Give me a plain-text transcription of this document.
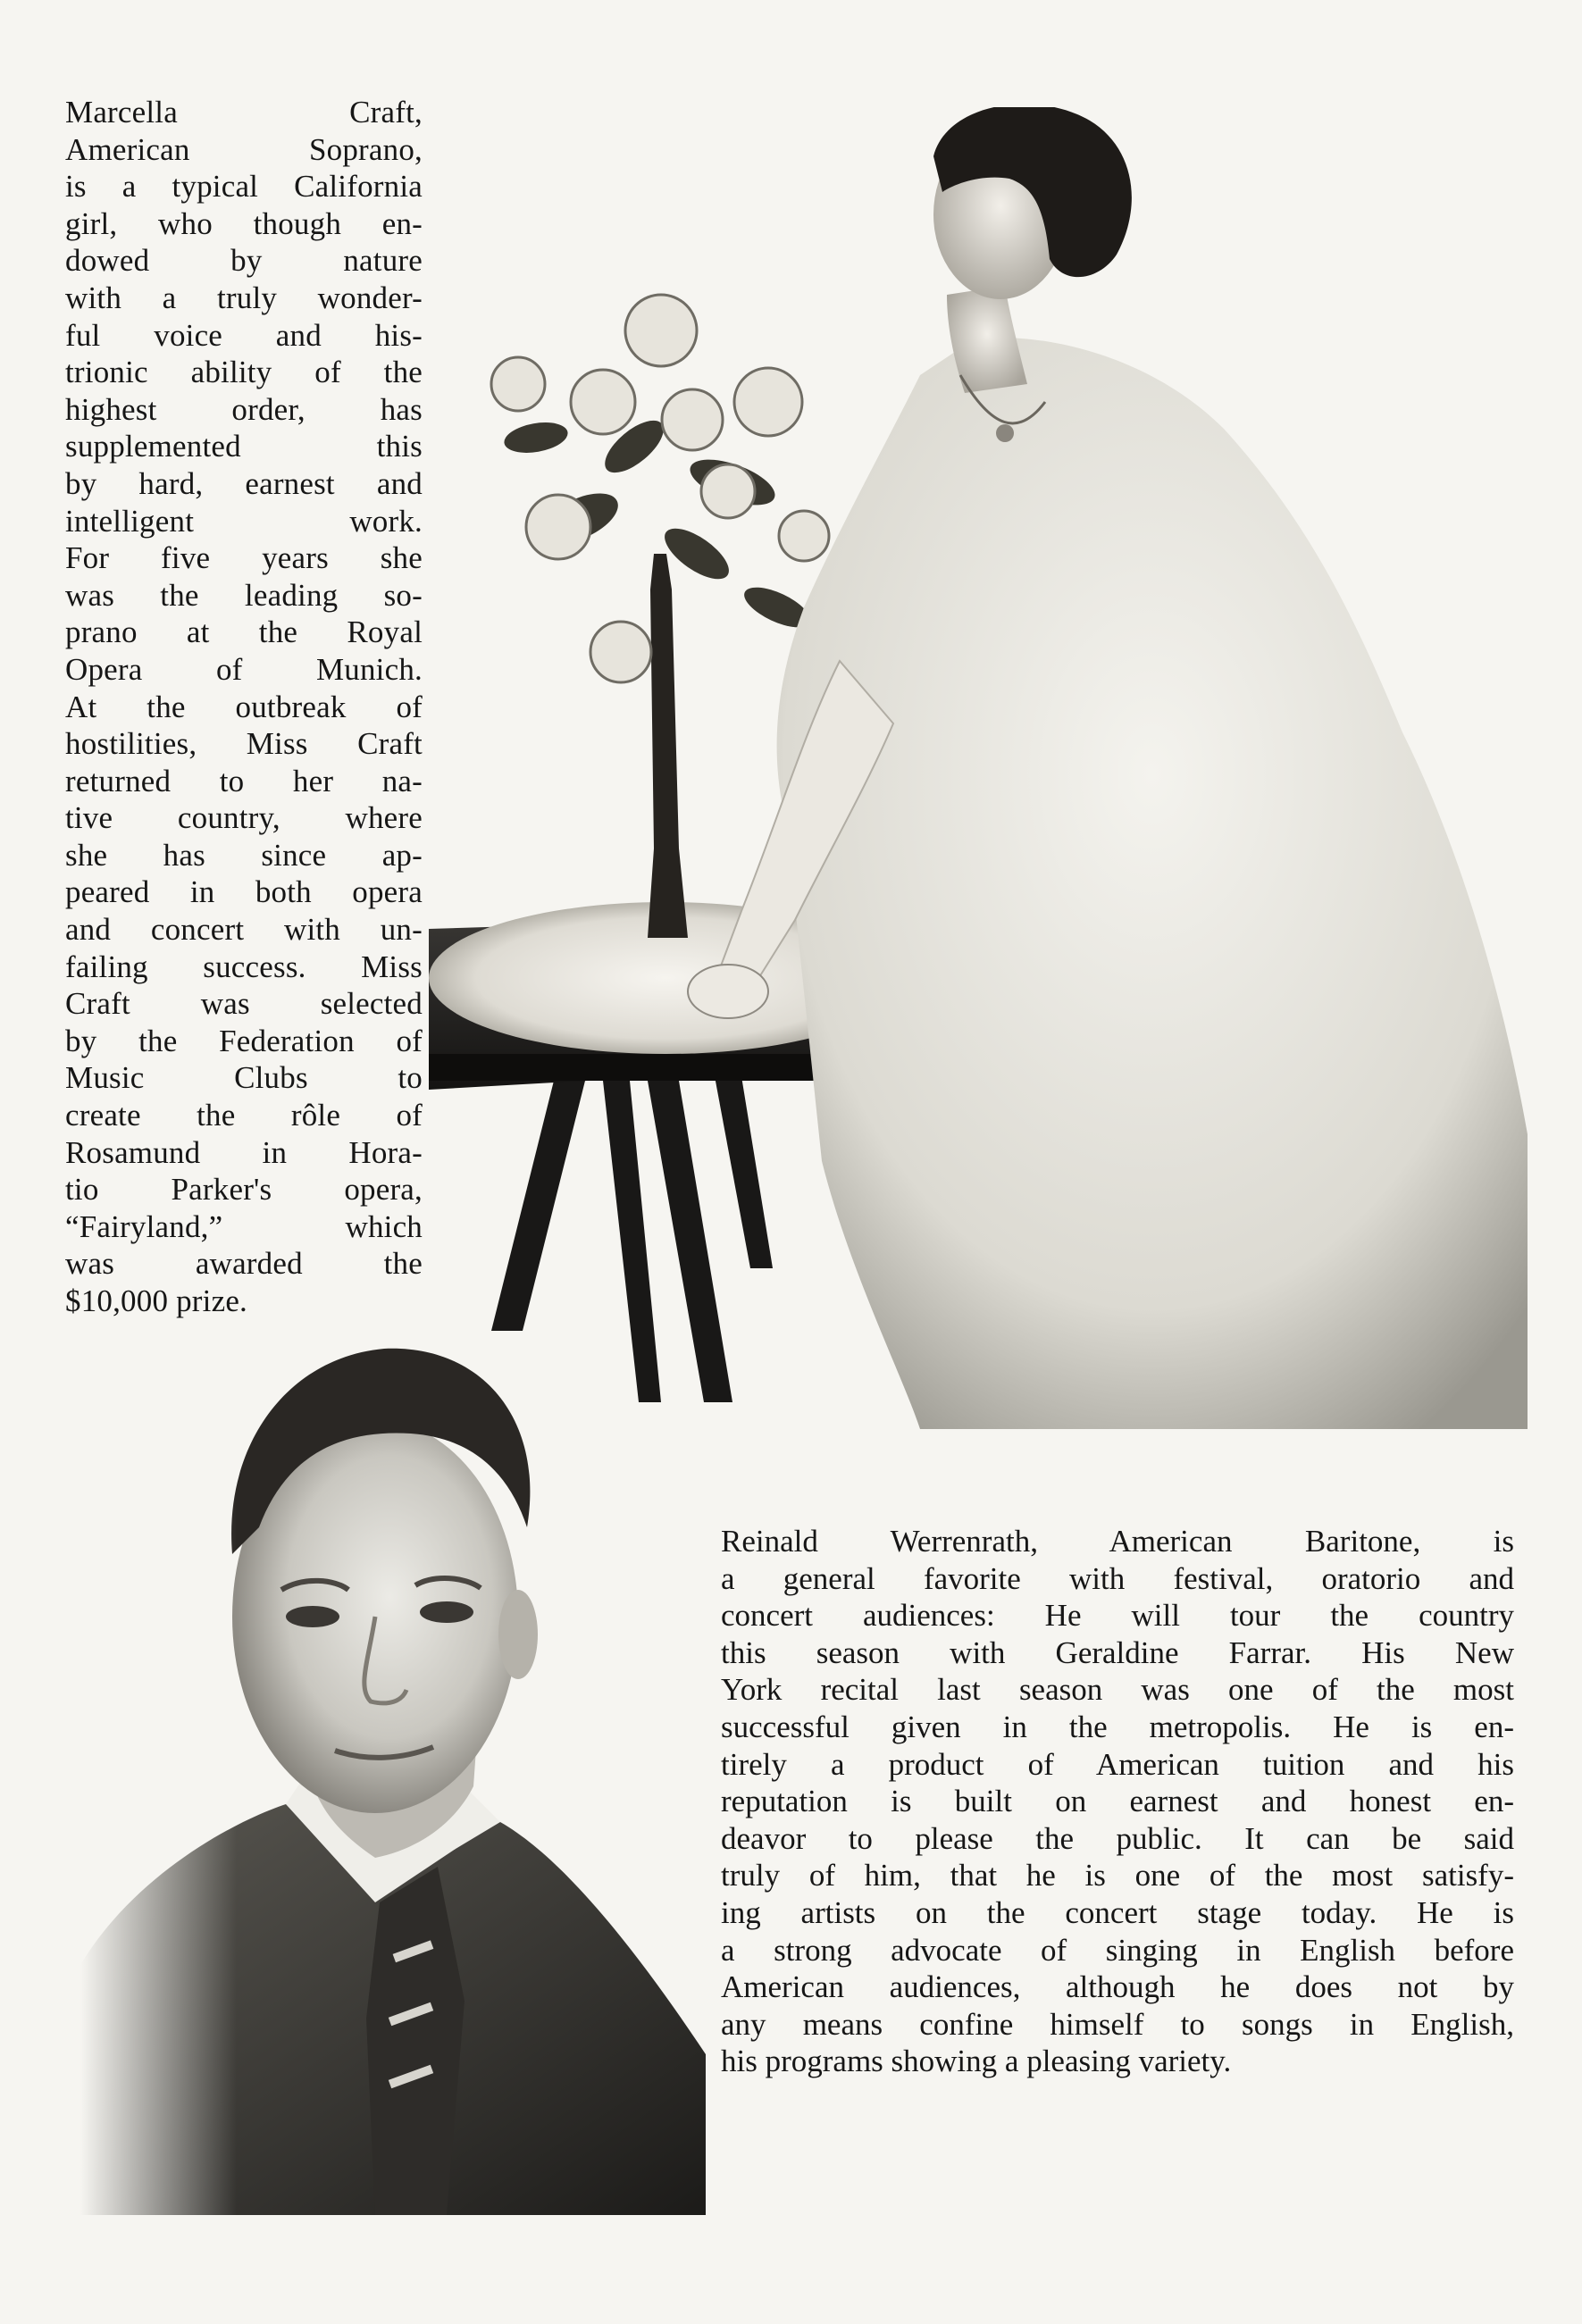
Marcella Craft,
American Soprano,
is a typical California
girl, who though en-
dowed by nature
with a truly wonder-
ful voice and his-
trionic ability of the
highest order, has
supplemented this
by hard, earnest and
intelligent work.
For five years she
was the leading so-
prano at the Royal
Opera of Munich.
At the outbreak of
hostilities, Miss Craft
returned to her na-
tive country, where
she has since ap-
peared in both opera
and concert with un-
failing success. Miss
Craft was selected
by the Federation of
Music Clubs to
create the rôle of
Rosamund in Hora-
tio Parker's opera,
“Fairyland,” which
was awarded the
$10,000 prize.
Reinald Werrenrath, American Baritone, is
a general favorite with festival, oratorio and
concert audiences: He will tour the country
this season with Geraldine Farrar. His New
York recital last season was one of the most
successful given in the metropolis. He is en-
tirely a product of American tuition and his
reputation is built on earnest and honest en-
deavor to please the public. It can be said
truly of him, that he is one of the most satisfy-
ing artists on the concert stage today. He is
a strong advocate of singing in English before
American audiences, although he does not by
any means confine himself to songs in English,
his programs showing a pleasing variety.
